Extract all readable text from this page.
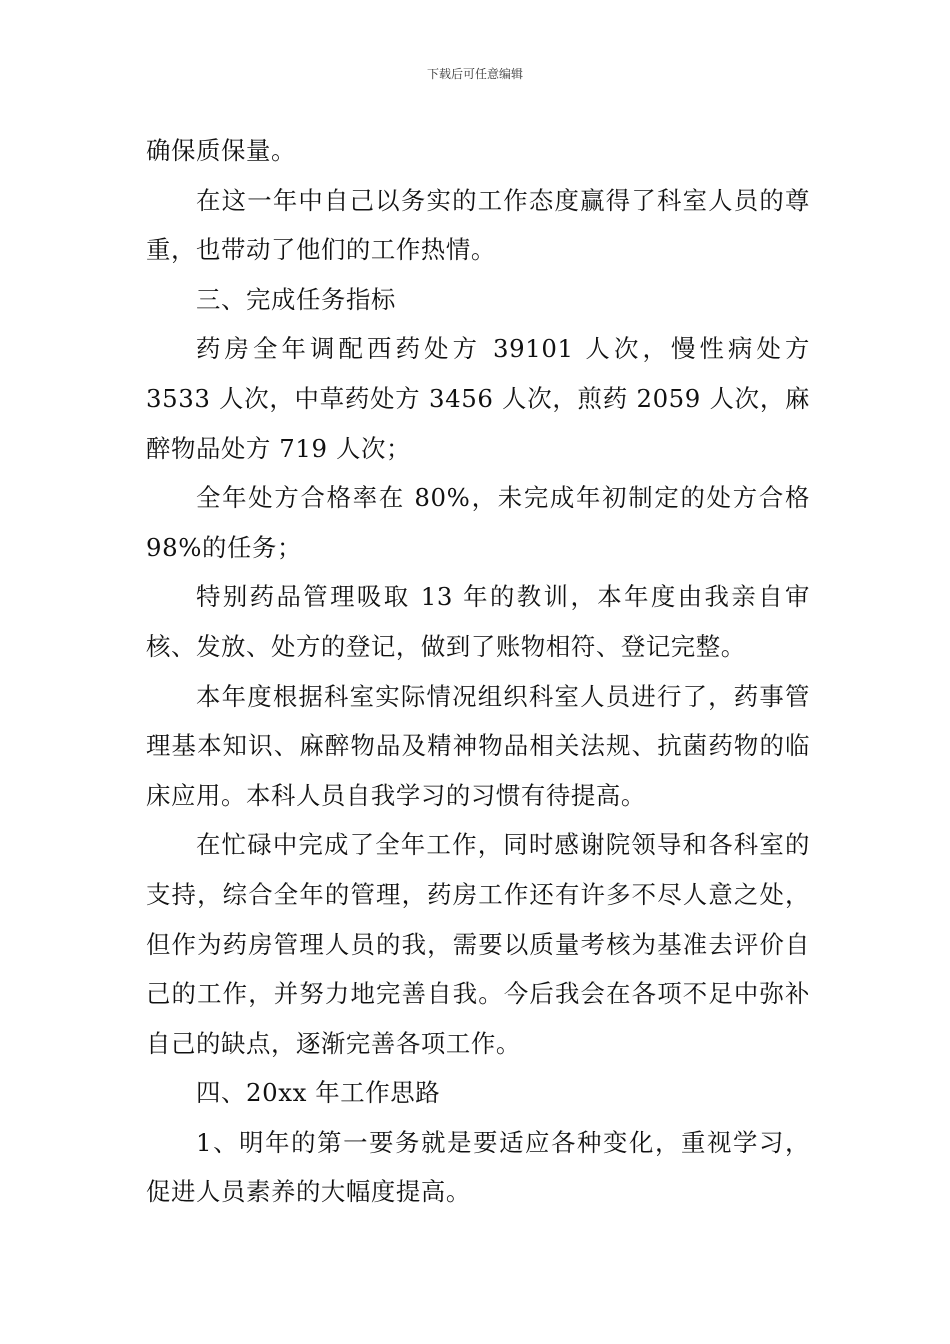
下载后可任意编辑

确保质保量。

在这一年中自己以务实的工作态度赢得了科室人员的尊重，也带动了他们的工作热情。

三、完成任务指标

药房全年调配西药处方 39101 人次，慢性病处方 3533 人次，中草药处方 3456 人次，煎药 2059 人次，麻醉物品处方 719 人次；

全年处方合格率在 80%，未完成年初制定的处方合格 98%的任务；

特别药品管理吸取 13 年的教训，本年度由我亲自审核、发放、处方的登记，做到了账物相符、登记完整。

本年度根据科室实际情况组织科室人员进行了，药事管理基本知识、麻醉物品及精神物品相关法规、抗菌药物的临床应用。本科人员自我学习的习惯有待提高。

在忙碌中完成了全年工作，同时感谢院领导和各科室的支持，综合全年的管理，药房工作还有许多不尽人意之处，但作为药房管理人员的我，需要以质量考核为基准去评价自己的工作，并努力地完善自我。今后我会在各项不足中弥补自己的缺点，逐渐完善各项工作。

四、20xx 年工作思路

1、明年的第一要务就是要适应各种变化，重视学习，促进人员素养的大幅度提高。
